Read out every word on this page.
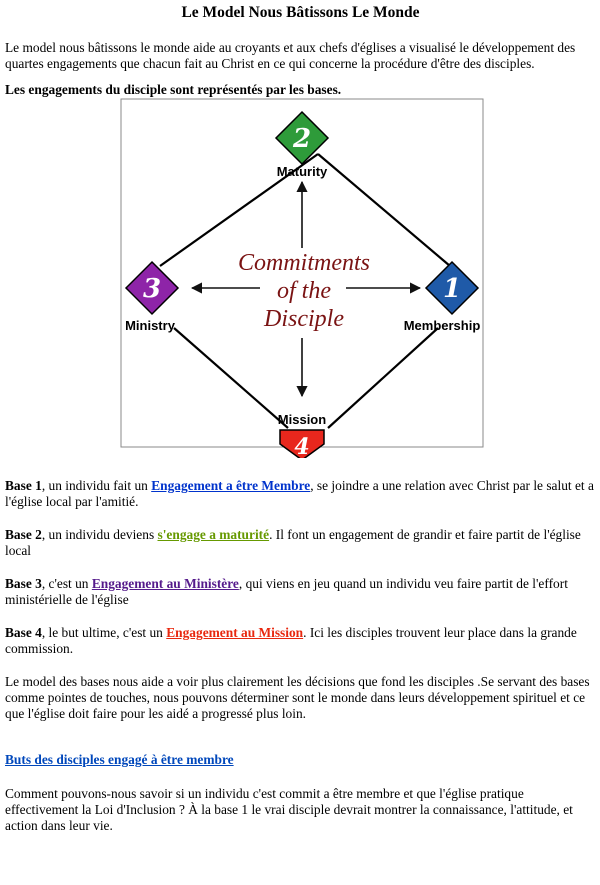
Le Model Nous Bâtissons Le Monde

Le model nous bâtissons le monde aide au croyants et aux chefs d'églises a visualisé le développement des quartes engagements que chacun fait au Christ en ce qui concerne la procédure d'être des disciples.

Les engagements du disciple sont représentés par les bases.

2
Maturity
3
Ministry
1
Membership
4
Mission
Commitments
of the
Disciple

Base 1, un individu fait un Engagement a être Membre, se joindre a une relation avec Christ par le salut et a l'église local par l'amitié.

Base 2, un individu deviens s'engage a maturité. Il font un engagement de grandir et faire partit de l'église local

Base 3, c'est un Engagement au Ministère, qui viens en jeu quand un individu veu faire partit de l'effort ministérielle de l'église

Base 4, le but ultime, c'est un Engagement au Mission. Ici les disciples trouvent leur place dans la grande commission.

Le model des bases nous aide a voir plus clairement les décisions que fond les disciples .Se servant des bases comme pointes de touches, nous pouvons déterminer sont le monde dans leurs développement spirituel et ce que l'église doit faire pour les aidé a progressé plus loin.

Buts des disciples engagé à être membre

Comment pouvons-nous savoir si un individu c'est commit a être membre et que l'église pratique effectivement la Loi d'Inclusion ? À la base 1 le vrai disciple devrait montrer la connaissance, l'attitude, et action dans leur vie.
